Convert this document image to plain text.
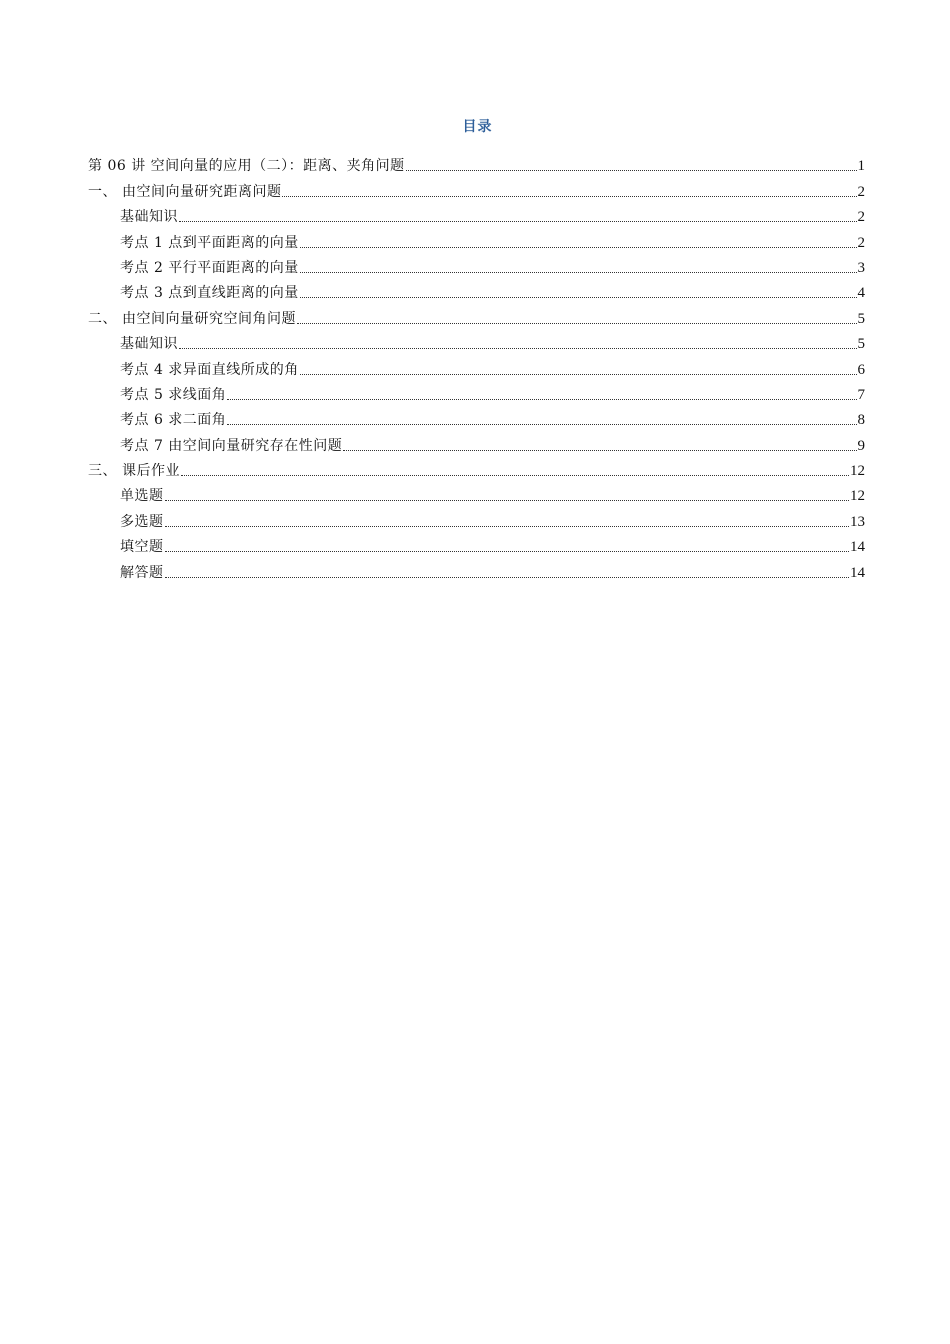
目录
第 06 讲 空间向量的应用（二）：距离、夹角问题	1
一、 由空间向量研究距离问题	2
基础知识	2
考点 1 点到平面距离的向量	2
考点 2 平行平面距离的向量	3
考点 3 点到直线距离的向量	4
二、 由空间向量研究空间角问题	5
基础知识	5
考点 4 求异面直线所成的角	6
考点 5 求线面角	7
考点 6 求二面角	8
考点 7 由空间向量研究存在性问题	9
三、 课后作业	12
单选题	12
多选题	13
填空题	14
解答题	14
